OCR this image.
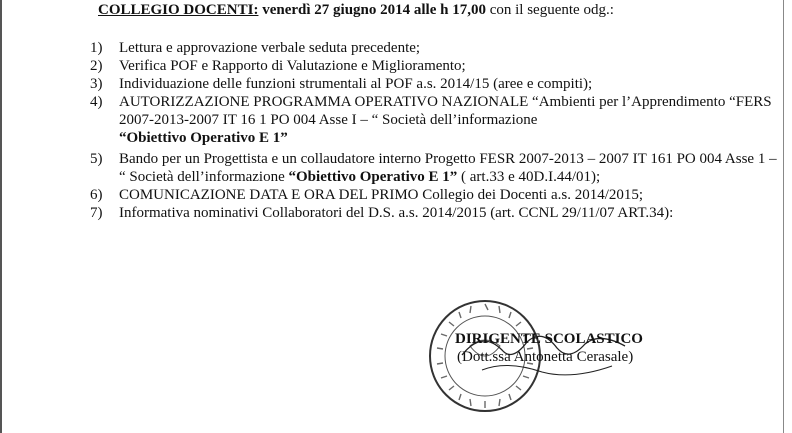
COLLEGIO DOCENTI: venerdì 27 giugno 2014 alle h 17,00 con il seguente odg.:
1)	Lettura e approvazione verbale seduta precedente;
2)	Verifica POF e Rapporto di Valutazione e Miglioramento;
3)	Individuazione delle funzioni strumentali al POF a.s. 2014/15 (aree e compiti);
4)	AUTORIZZAZIONE PROGRAMMA OPERATIVO NAZIONALE “Ambienti per l’Apprendimento “FERS 2007-2013-2007 IT 16 1 PO 004 Asse I – “ Società dell’informazione
“Obiettivo Operativo E 1”
5)	Bando per un Progettista e un collaudatore interno Progetto FESR 2007-2013 – 2007 IT 161 PO 004 Asse 1 – “ Società dell’informazione “Obiettivo Operativo E 1” ( art.33 e 40D.I.44/01);
6)	COMUNICAZIONE DATA E ORA DEL PRIMO Collegio dei Docenti a.s. 2014/2015;
7)	Informativa nominativi Collaboratori del D.S. a.s. 2014/2015 (art. CCNL 29/11/07 ART.34):
DIRIGENTE SCOLASTICO
(Dott.ssa Antonetta Cerasale)
